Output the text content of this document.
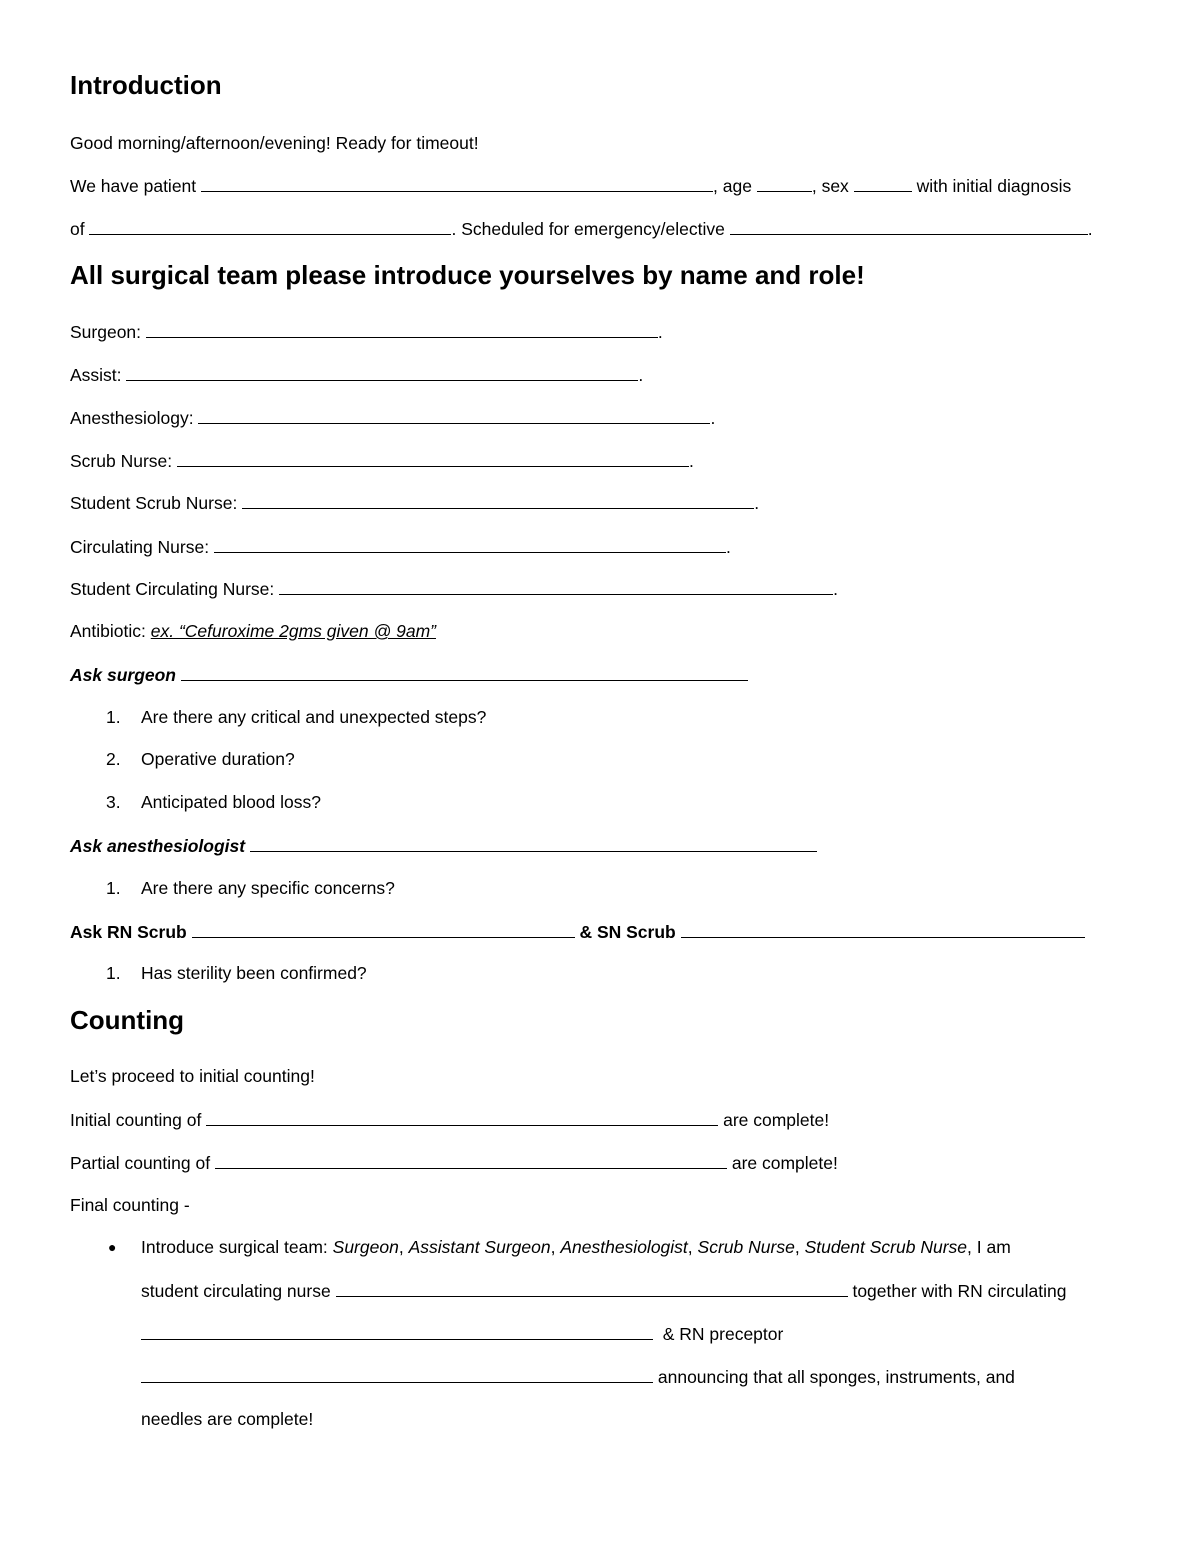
Introduction
Good morning/afternoon/evening! Ready for timeout!
We have patient	, age	, sex	with initial diagnosis
of	. Scheduled for emergency/elective	.
All surgical team please introduce yourselves by name and role!
Surgeon:	.
Assist:	.
Anesthesiology:	.
Scrub Nurse:	.
Student Scrub Nurse:	.
Circulating Nurse:	.
Student Circulating Nurse:	.
Antibiotic: ex. “Cefuroxime 2gms given @ 9am”
Ask surgeon
1. Are there any critical and unexpected steps?
2. Operative duration?
3. Anticipated blood loss?
Ask anesthesiologist
1. Are there any specific concerns?
Ask RN Scrub	& SN Scrub
1. Has sterility been confirmed?
Counting
Let’s proceed to initial counting!
Initial counting of	are complete!
Partial counting of	are complete!
Final counting -
● Introduce surgical team: Surgeon, Assistant Surgeon, Anesthesiologist, Scrub Nurse, Student Scrub Nurse, I am
student circulating nurse	together with RN circulating
& RN preceptor
announcing that all sponges, instruments, and
needles are complete!
